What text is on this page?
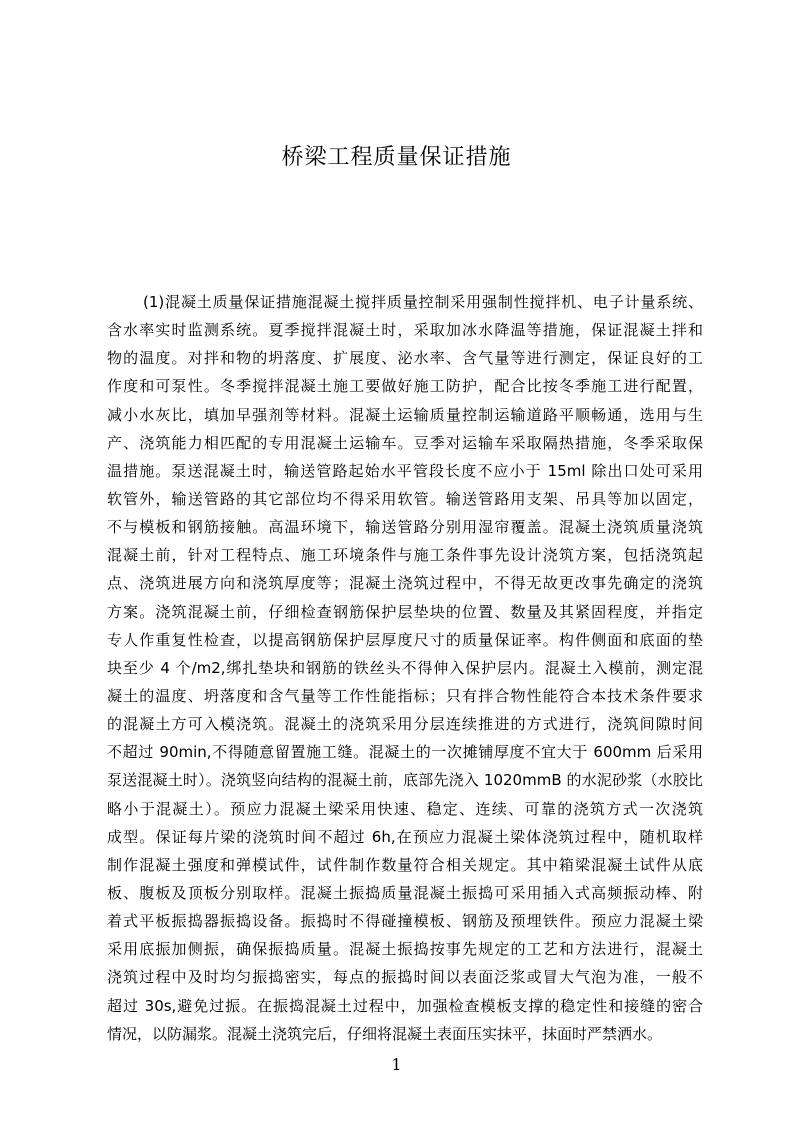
桥梁工程质量保证措施
(1)混凝土质量保证措施混凝土搅拌质量控制采用强制性搅拌机、电子计量系统、
含水率实时监测系统。夏季搅拌混凝土时，采取加冰水降温等措施，保证混凝土拌和
物的温度。对拌和物的坍落度、扩展度、泌水率、含气量等进行测定，保证良好的工
作度和可泵性。冬季搅拌混凝土施工要做好施工防护，配合比按冬季施工进行配置，
减小水灰比，填加早强剂等材料。混凝土运输质量控制运输道路平顺畅通，选用与生
产、浇筑能力相匹配的专用混凝土运输车。豆季对运输车采取隔热措施，冬季采取保
温措施。泵送混凝土时，输送管路起始水平管段长度不应小于 15ml 除出口处可采用
软管外，输送管路的其它部位均不得采用软管。输送管路用支架、吊具等加以固定，
不与模板和钢筋接触。高温环境下，输送管路分别用湿帘覆盖。混凝土浇筑质量浇筑
混凝土前，针对工程特点、施工环境条件与施工条件事先设计浇筑方案，包括浇筑起
点、浇筑进展方向和浇筑厚度等；混凝土浇筑过程中，不得无故更改事先确定的浇筑
方案。浇筑混凝土前，仔细检查钢筋保护层垫块的位置、数量及其紧固程度，并指定
专人作重复性检查，以提高钢筋保护层厚度尺寸的质量保证率。构件侧面和底面的垫
块至少 4 个/m2,绑扎垫块和钢筋的铁丝头不得伸入保护层内。混凝土入模前，测定混
凝土的温度、坍落度和含气量等工作性能指标；只有拌合物性能符合本技术条件要求
的混凝土方可入模浇筑。混凝土的浇筑采用分层连续推进的方式进行，浇筑间隙时间
不超过 90min,不得随意留置施工缝。混凝土的一次摊铺厚度不宜大于 600mm 后采用
泵送混凝土时）。浇筑竖向结构的混凝土前，底部先浇入 1020mmB 的水泥砂浆（水胶比
略小于混凝土）。预应力混凝土梁采用快速、稳定、连续、可靠的浇筑方式一次浇筑
成型。保证每片梁的浇筑时间不超过 6h,在预应力混凝土梁体浇筑过程中，随机取样
制作混凝土强度和弹模试件，试件制作数量符合相关规定。其中箱梁混凝土试件从底
板、腹板及顶板分别取样。混凝土振捣质量混凝土振捣可采用插入式高频振动棒、附
着式平板振捣器振捣设备。振捣时不得碰撞模板、钢筋及预埋铁件。预应力混凝土梁
采用底振加侧振，确保振捣质量。混凝土振捣按事先规定的工艺和方法进行，混凝土
浇筑过程中及时均匀振捣密实，每点的振捣时间以表面泛浆或冒大气泡为准，一般不
超过 30s,避免过振。在振捣混凝土过程中，加强检查模板支撑的稳定性和接缝的密合
情况，以防漏浆。混凝土浇筑完后，仔细将混凝土表面压实抹平，抹面时严禁洒水。
1
